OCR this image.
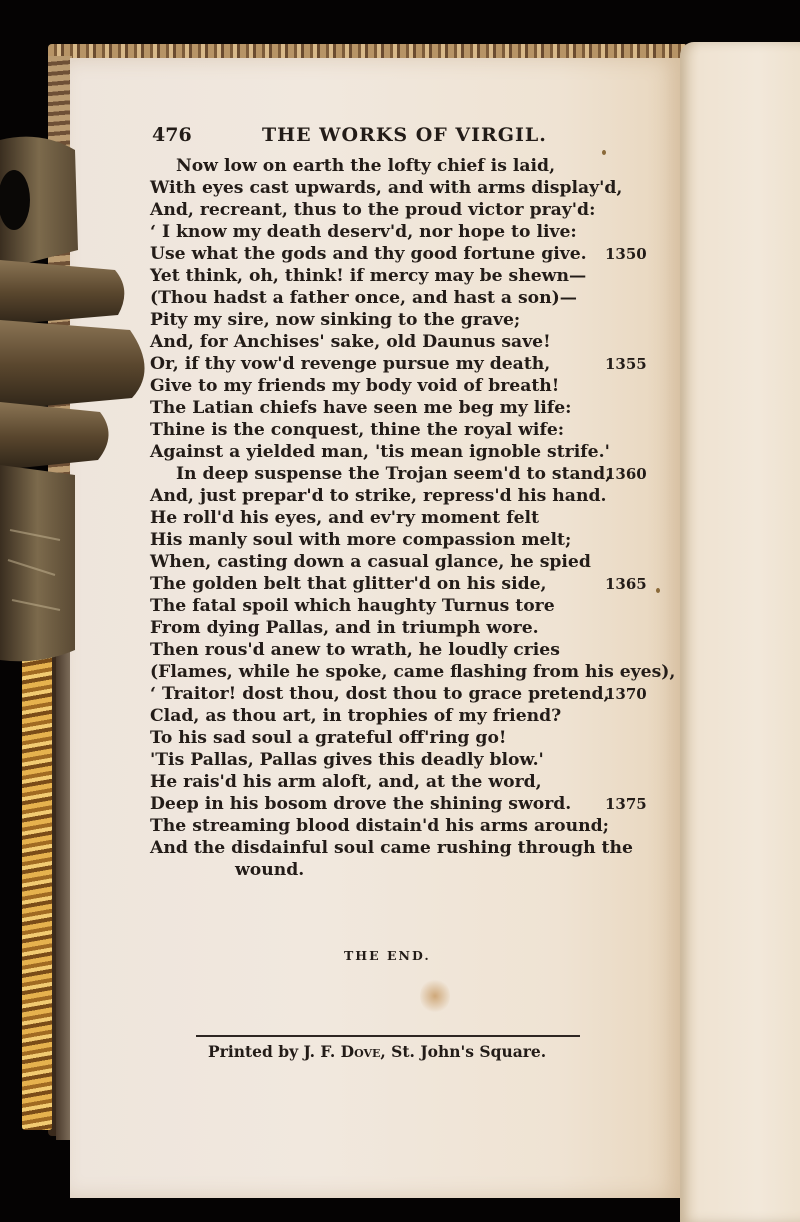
476	THE WORKS OF VIRGIL.
Now low on earth the lofty chief is laid,
With eyes cast upwards, and with arms display'd,
And, recreant, thus to the proud victor pray'd:
‘ I know my death deserv'd, nor hope to live:
Use what the gods and thy good fortune give. 1350
Yet think, oh, think! if mercy may be shewn—
(Thou hadst a father once, and hast a son)—
Pity my sire, now sinking to the grave;
And, for Anchises' sake, old Daunus save!
Or, if thy vow'd revenge pursue my death,	1355
Give to my friends my body void of breath!
The Latian chiefs have seen me beg my life:
Thine is the conquest, thine the royal wife:
Against a yielded man, 'tis mean ignoble strife.'
In deep suspense the Trojan seem'd to stand,
1360
And, just prepar'd to strike, repress'd his hand.
He roll'd his eyes, and ev'ry moment felt
His manly soul with more compassion melt;
When, casting down a casual glance, he spied
The golden belt that glitter'd on his side,	1365
The fatal spoil which haughty Turnus tore
From dying Pallas, and in triumph wore.
Then rous'd anew to wrath, he loudly cries
(Flames, while he spoke, came flashing from his eyes),
‘ Traitor! dost thou, dost thou to grace pretend,
1370
Clad, as thou art, in trophies of my friend?
To his sad soul a grateful off'ring go!
'Tis Pallas, Pallas gives this deadly blow.'
He rais'd his arm aloft, and, at the word,
Deep in his bosom drove the shining sword. 1375
The streaming blood distain'd his arms around;
And the disdainful soul came rushing through the
wound.
THE END.
Printed by J. F. Dove, St. John's Square.
